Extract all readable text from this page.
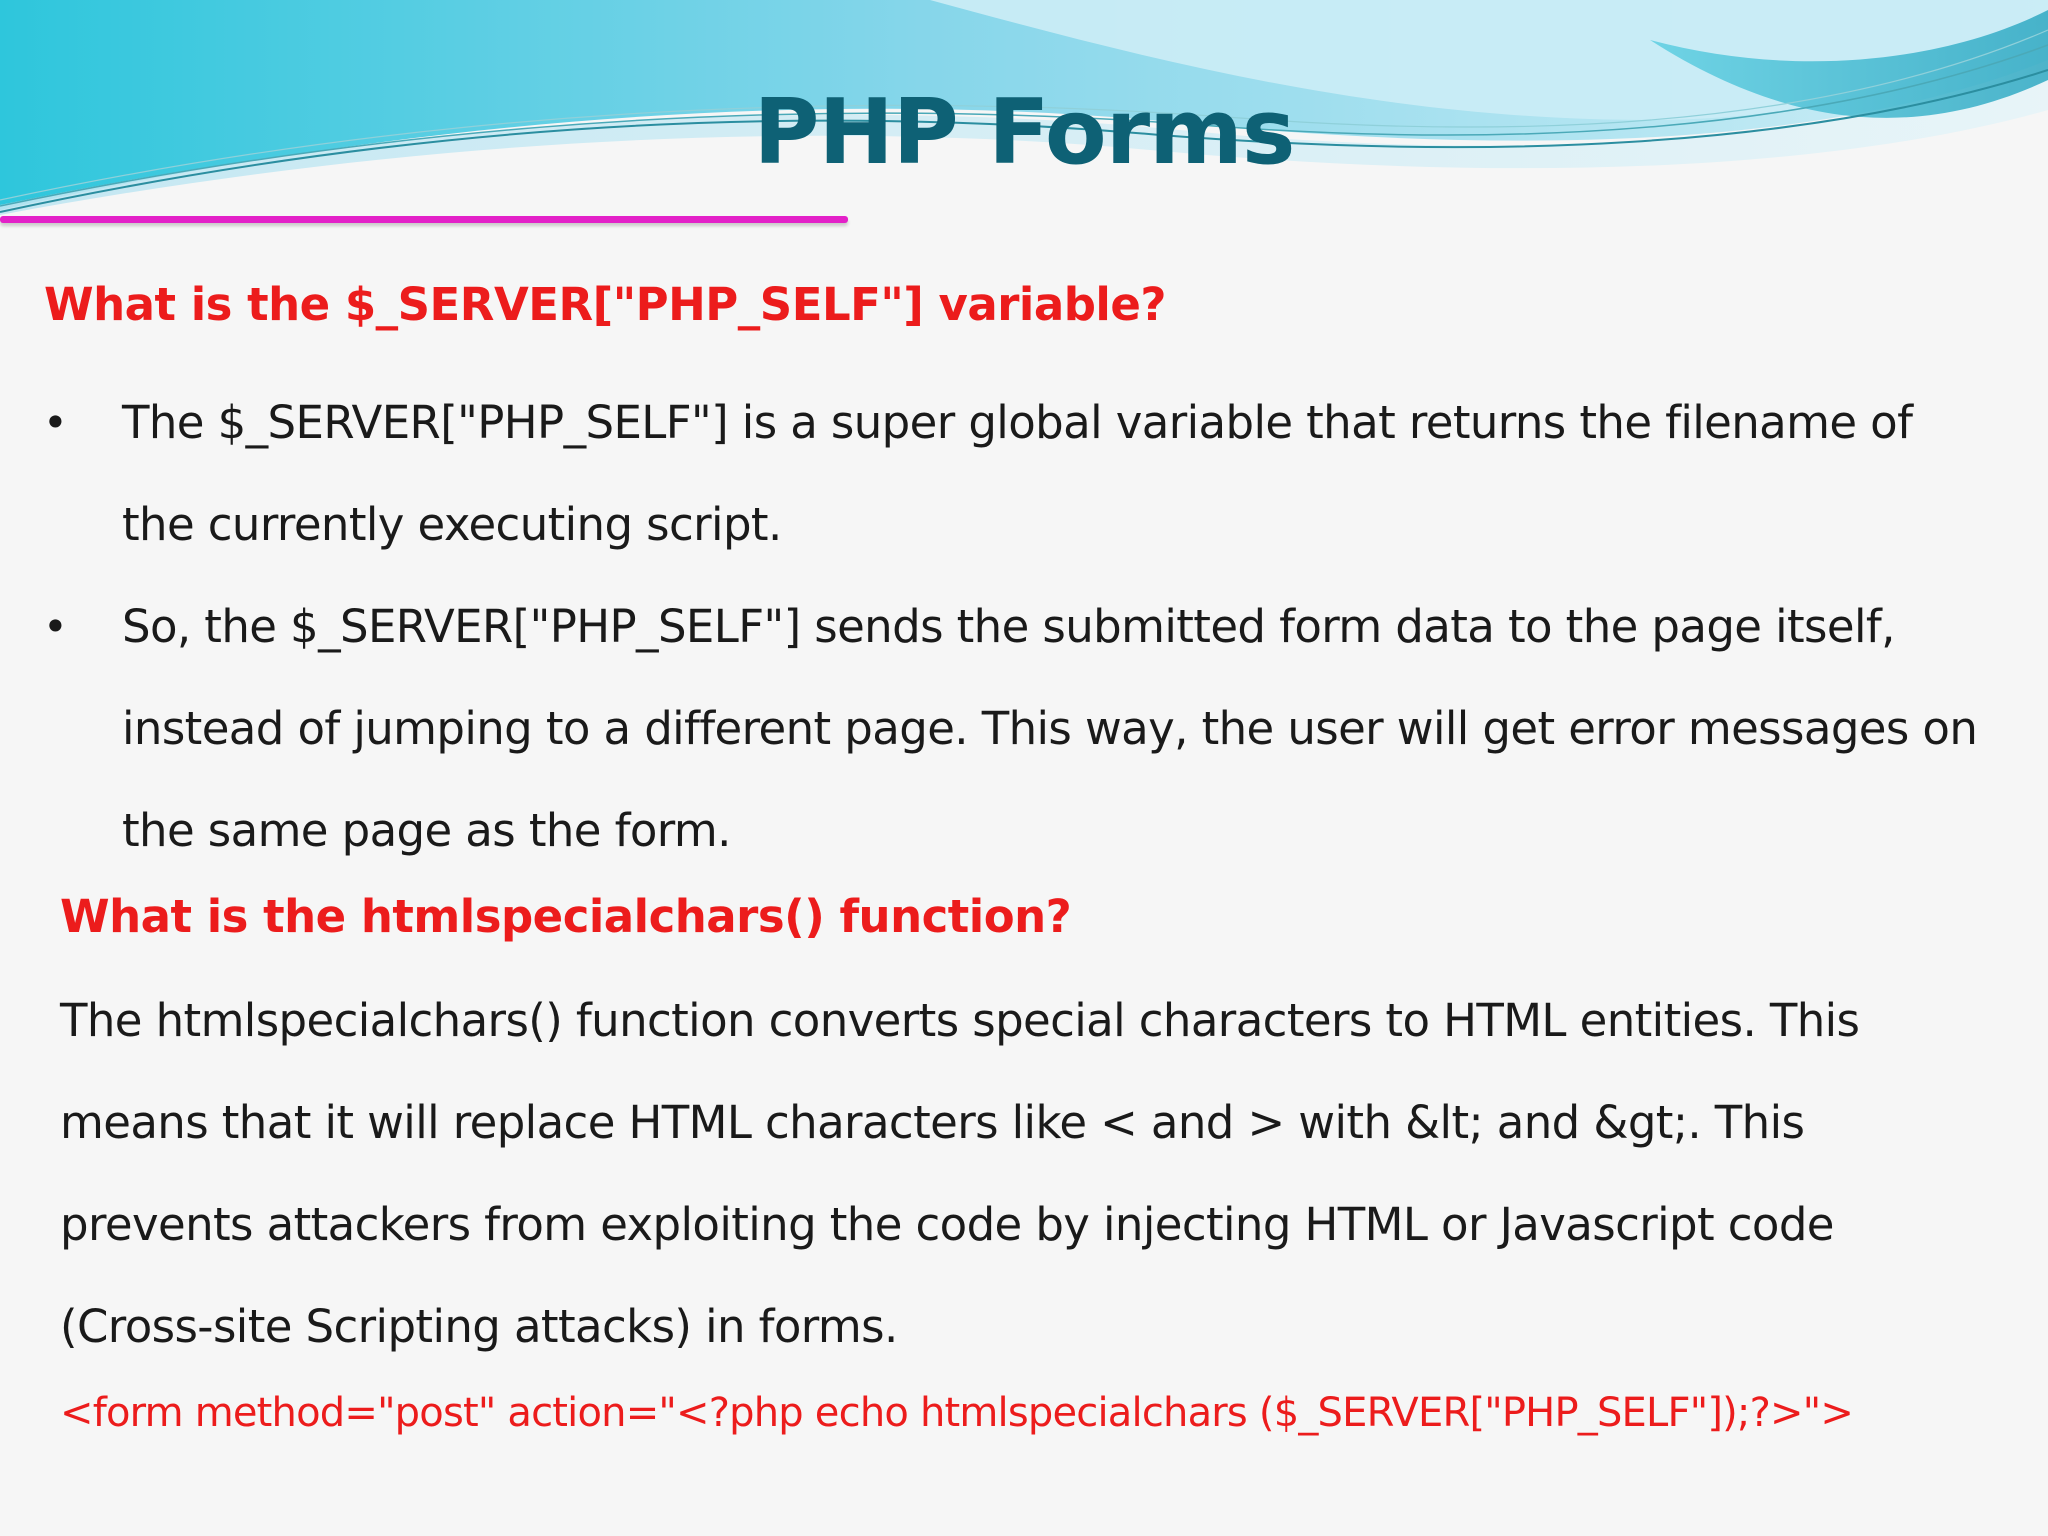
PHP Forms
What is the $_SERVER["PHP_SELF"] variable?
• The $_SERVER["PHP_SELF"] is a super global variable that returns the filename of the currently executing script.
• So, the $_SERVER["PHP_SELF"] sends the submitted form data to the page itself, instead of jumping to a different page. This way, the user will get error messages on the same page as the form.
What is the htmlspecialchars() function?

The htmlspecialchars() function converts special characters to HTML entities. This means that it will replace HTML characters like < and > with &lt; and &gt;. This prevents attackers from exploiting the code by injecting HTML or Javascript code (Cross-site Scripting attacks) in forms.

<form method="post" action="<?php echo htmlspecialchars ($_SERVER["PHP_SELF"]);?>">
